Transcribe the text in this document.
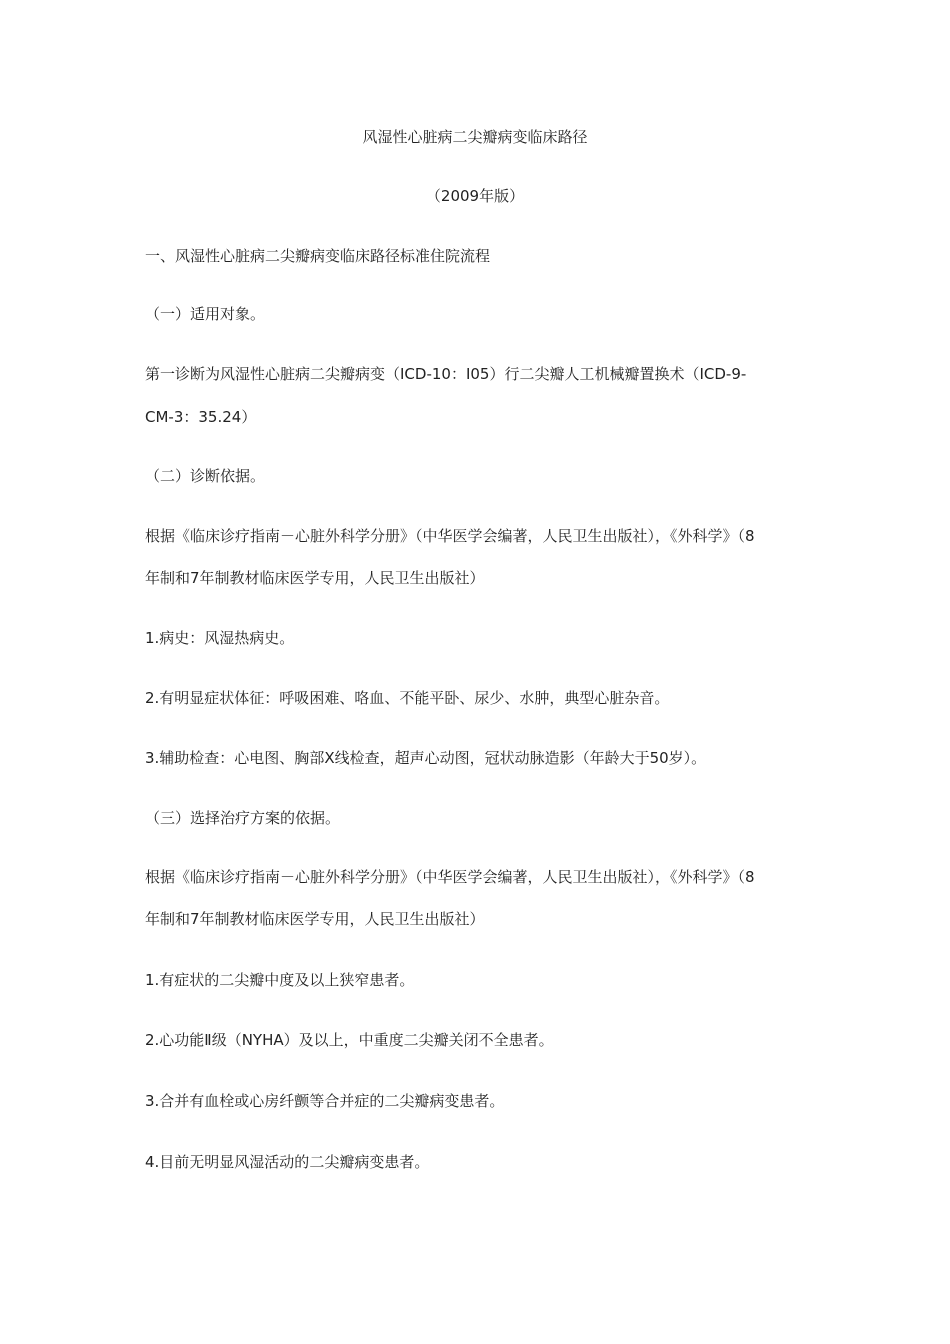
风湿性心脏病二尖瓣病变临床路径
（2009年版）
一、风湿性心脏病二尖瓣病变临床路径标准住院流程
（一）适用对象。
第一诊断为风湿性心脏病二尖瓣病变（ICD-10：I05）行二尖瓣人工机械瓣置换术（ICD-9-
CM-3：35.24）
（二）诊断依据。
根据《临床诊疗指南－心脏外科学分册》（中华医学会编著，人民卫生出版社），《外科学》（8
年制和7年制教材临床医学专用，人民卫生出版社）
1.病史：风湿热病史。
2.有明显症状体征：呼吸困难、咯血、不能平卧、尿少、水肿，典型心脏杂音。
3.辅助检查：心电图、胸部X线检查，超声心动图，冠状动脉造影（年龄大于50岁）。
（三）选择治疗方案的依据。
根据《临床诊疗指南－心脏外科学分册》（中华医学会编著，人民卫生出版社），《外科学》（8
年制和7年制教材临床医学专用，人民卫生出版社）
1.有症状的二尖瓣中度及以上狭窄患者。
2.心功能Ⅱ级（NYHA）及以上，中重度二尖瓣关闭不全患者。
3.合并有血栓或心房纤颤等合并症的二尖瓣病变患者。
4.目前无明显风湿活动的二尖瓣病变患者。
